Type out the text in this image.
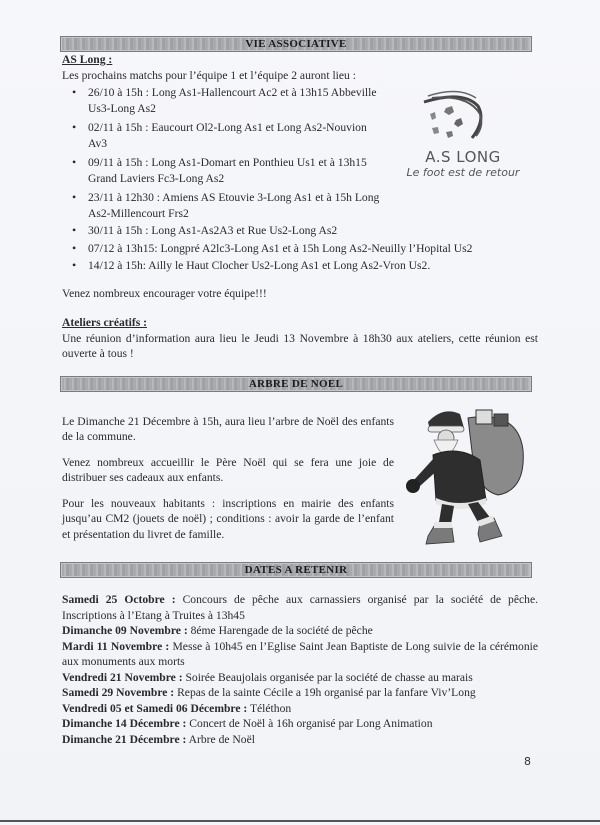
VIE ASSOCIATIVE
A.S LONG
Le foot est de retour
AS Long :
Les prochains matchs pour l’équipe 1 et l’équipe 2 auront lieu :
• 26/10 à 15h : Long As1-Hallencourt Ac2 et à 13h15 Abbeville Us3-Long As2
• 02/11 à 15h : Eaucourt Ol2-Long As1 et Long As2-Nouvion Av3
• 09/11 à 15h : Long As1-Domart en Ponthieu Us1 et à 13h15 Grand Laviers Fc3-Long As2
• 23/11 à 12h30 : Amiens AS Etouvie 3-Long As1 et à 15h Long As2-Millencourt Frs2
• 30/11 à 15h : Long As1-As2A3 et Rue Us2-Long As2
• 07/12 à 13h15: Longpré A2lc3-Long As1 et à 15h Long As2-Neuilly l’Hopital Us2
• 14/12 à 15h: Ailly le Haut Clocher Us2-Long As1 et Long As2-Vron Us2.
Venez nombreux encourager votre équipe!!!
Ateliers créatifs :
Une réunion d’information aura lieu le Jeudi 13 Novembre à 18h30 aux ateliers, cette réunion est ouverte à tous !
ARBRE DE NOEL

Le Dimanche 21 Décembre à 15h, aura lieu l’arbre de Noël des enfants de la commune.

Venez nombreux accueillir le Père Noël qui se fera une joie de distribuer ses cadeaux aux enfants.

Pour les nouveaux habitants : inscriptions en mairie des enfants jusqu’au CM2 (jouets de noël) ; conditions : avoir la garde de l’enfant et présentation du livret de famille.

DATES A RETENIR
Samedi 25 Octobre : Concours de pêche aux carnassiers organisé par la société de pêche. Inscriptions à l’Etang à Truites à 13h45
Dimanche 09 Novembre : 8éme Harengade de la société de pêche
Mardi 11 Novembre : Messe à 10h45 en l’Eglise Saint Jean Baptiste de Long suivie de la cérémonie aux monuments aux morts
Vendredi 21 Novembre : Soirée Beaujolais organisée par la société de chasse au marais
Samedi 29 Novembre : Repas de la sainte Cécile a 19h organisé par la fanfare Viv’Long
Vendredi 05 et Samedi 06 Décembre : Téléthon
Dimanche 14 Décembre : Concert de Noël à 16h organisé par Long Animation
Dimanche 21 Décembre : Arbre de Noël
8
